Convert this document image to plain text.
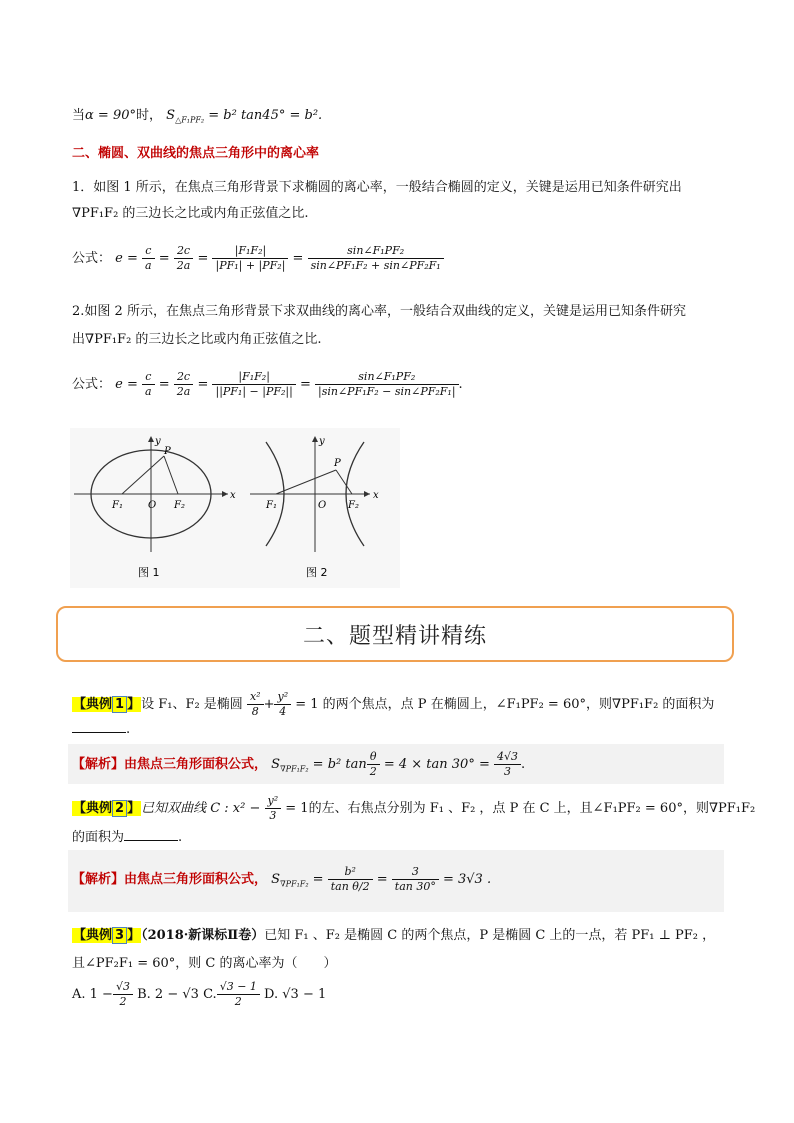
当α = 90°时， $S_{\triangle F_1PF_2} = b^2$ tan45° = b².
二、椭圆、双曲线的焦点三角形中的离心率
1．如图 1 所示，在焦点三角形背景下求椭圆的离心率，一般结合椭圆的定义，关键是运用已知条件研究出
∇PF₁F₂ 的三边长之比或内角正弦值之比.
公式： $e = \frac{c}{a} = \frac{2c}{2a} = \frac{\text{|F₁F₂|}}{\text{|PF₁| + |PF₂|}} = \frac{\text{sin∠F₁PF₂}}{\text{sin∠PF₁F₂ + sin∠PF₂F₁}}$
2.如图 2 所示，在焦点三角形背景下求双曲线的离心率，一般结合双曲线的定义，关键是运用已知条件研究
出∇PF₁F₂ 的三边长之比或内角正弦值之比.
公式： $e = \frac{c}{a} = \frac{2c}{2a} = \frac{\text{|F₁F₂|}}{\text{||PF₁| − |PF₂||}} = \frac{\text{sin∠F₁PF₂}}{\text{|sin∠PF₁F₂ − sin∠PF₂F₁|}}$ .
x
y
P
O
F₁	F₂
图 1
x
y
P
O
F₁	F₂
图 2
二、题型精讲精练
【典例 1 】设 F₁、F₂ 是椭圆 $\frac{\text{x²}}{8} + \frac{\text{y²}}{4} = 1$ 的两个焦点，点 P 在椭圆上，∠F₁PF₂ = 60°，则∇PF₁F₂ 的面积为
.
【解析】由焦点三角形面积公式， $S_{\nabla PF_1F_2} = b^2$ $\tan \frac{\theta}{2} = 4 \times \tan 30^\circ = \frac{4√3}{3}$ .
【典例 2 】已知双曲线 C : $x^2 - \frac{\text{y²}}{3} = 1$的左、右焦点分别为 F₁ 、F₂ ，点 P 在 C 上，且∠F₁PF₂ = 60°，则∇PF₁F₂
的面积为	.
【解析】由焦点三角形面积公式， $S_{\nabla PF_1F_2} = \frac{\text{b²}}{\text{tan θ/2}} = \frac{3}{\tan 30^\circ} = 3√3$ .
【典例 3 】（2018·新课标Ⅱ卷）已知 F₁ 、F₂ 是椭圆 C 的两个焦点，P 是椭圆 C 上的一点，若 PF₁ ⊥ PF₂ ，
且∠PF₂F₁ = 60°，则 C 的离心率为（　　）
A. $1 - \frac{√3}{2} B$. 2 − √3 C. $\frac{√3 - 1}{2} D$. √3 − 1
